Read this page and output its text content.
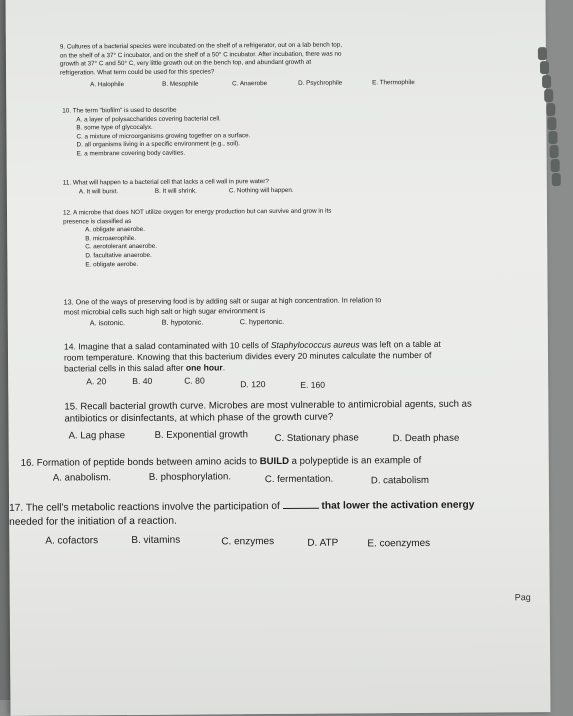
9. Cultures of a bacterial species were incubated on the shelf of a refrigerator, out on a lab bench top,
on the shelf of a 37° C incubator, and on the shelf of a 50° C incubator. After incubation, there was no
growth at 37° C and 50° C, very little growth out on the bench top, and abundant growth at
refrigeration. What term could be used for this species?
A. Halophile	B. Mesophile	C. Anaerobe	D. Psychrophile	E. Thermophile
10. The term "biofilm" is used to describe
A. a layer of polysaccharides covering bacterial cell.
B. some type of glycocalyx.
C. a mixture of microorganisms growing together on a surface.
D. all organisms living in a specific environment (e.g., soil).
E. a membrane covering body cavities.
11. What will happen to a bacterial cell that lacks a cell wall in pure water?
A. It will burst.	B. It will shrink.	C. Nothing will happen.
12. A microbe that does NOT utilize oxygen for energy production but can survive and grow in its
presence is classified as
A. obligate anaerobe.
B. microaerophile.
C. aerotolerant anaerobe.
D. facultative anaerobe.
E. obligate aerobe.
13. One of the ways of preserving food is by adding salt or sugar at high concentration. In relation to
most microbial cells such high salt or high sugar environment is
A. isotonic.	B. hypotonic.	C. hypertonic.
14. Imagine that a salad contaminated with 10 cells of Staphylococcus aureus was left on a table at
room temperature. Knowing that this bacterium divides every 20 minutes calculate the number of
bacterial cells in this salad after one hour.
A. 20	B. 40	C. 80	D. 120	E. 160
15. Recall bacterial growth curve. Microbes are most vulnerable to antimicrobial agents, such as
antibiotics or disinfectants, at which phase of the growth curve?
A. Lag phase	B. Exponential growth	C. Stationary phase	D. Death phase
16. Formation of peptide bonds between amino acids to BUILD a polypeptide is an example of
A. anabolism.	B. phosphorylation.	C. fermentation.	D. catabolism
17. The cell's metabolic reactions involve the participation of	that lower the activation energy
needed for the initiation of a reaction.
A. cofactors	B. vitamins	C. enzymes	D. ATP	E. coenzymes
Pag
